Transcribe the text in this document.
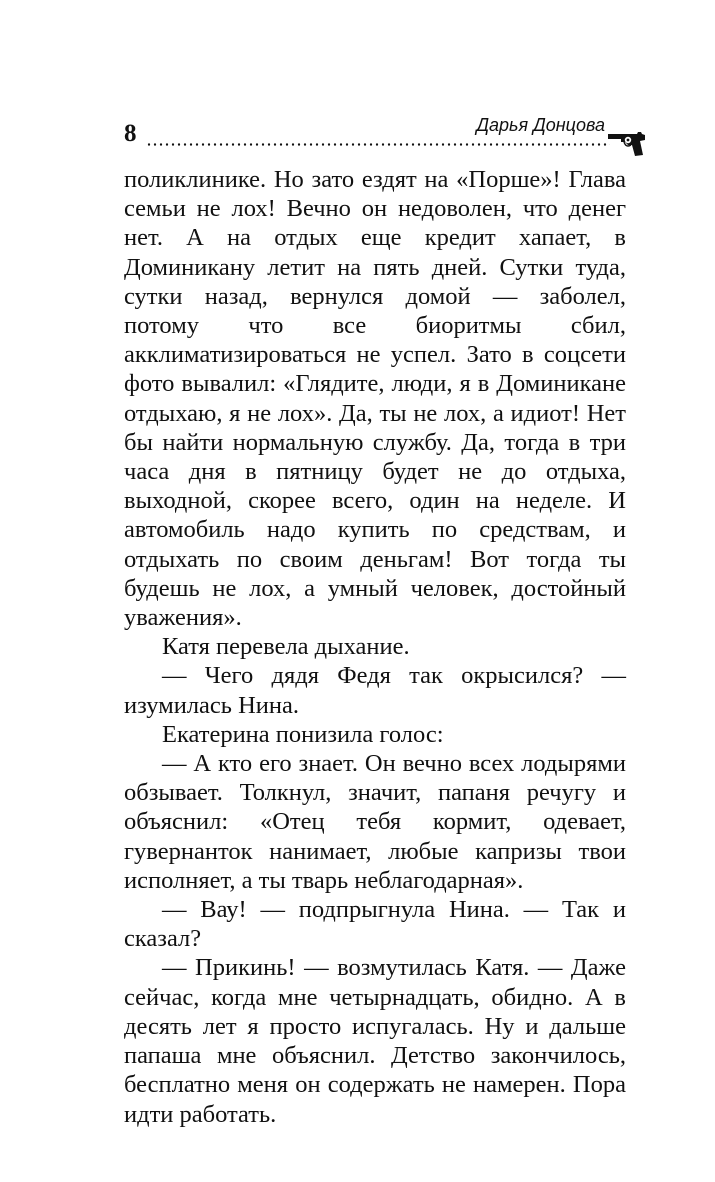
8	Дарья Донцова

поликлинике. Но зато ездят на «Порше»! Глава семьи не лох! Вечно он недоволен, что денег нет. А на отдых еще кредит хапает, в Доминикану летит на пять дней. Сутки туда, сутки назад, вернулся домой — заболел, потому что все биоритмы сбил, акклиматизироваться не успел. Зато в соцсети фото вывалил: «Глядите, люди, я в Доминикане отдыхаю, я не лох». Да, ты не лох, а идиот! Нет бы найти нормальную службу. Да, тогда в три часа дня в пятницу будет не до отдыха, выходной, скорее всего, один на неделе. И автомобиль надо купить по средствам, и отдыхать по своим деньгам! Вот тогда ты будешь не лох, а умный человек, достойный уважения».

Катя перевела дыхание.

— Чего дядя Федя так окрысился? — изумилась Нина.

Екатерина понизила голос:

— А кто его знает. Он вечно всех лодырями обзывает. Толкнул, значит, папаня речугу и объяснил: «Отец тебя кормит, одевает, гувернанток нанимает, любые капризы твои исполняет, а ты тварь неблагодарная».

— Вау! — подпрыгнула Нина. — Так и сказал?

— Прикинь! — возмутилась Катя. — Даже сейчас, когда мне четырнадцать, обидно. А в десять лет я просто испугалась. Ну и дальше папаша мне объяснил. Детство закончилось, бесплатно меня он содержать не намерен. Пора идти работать.
